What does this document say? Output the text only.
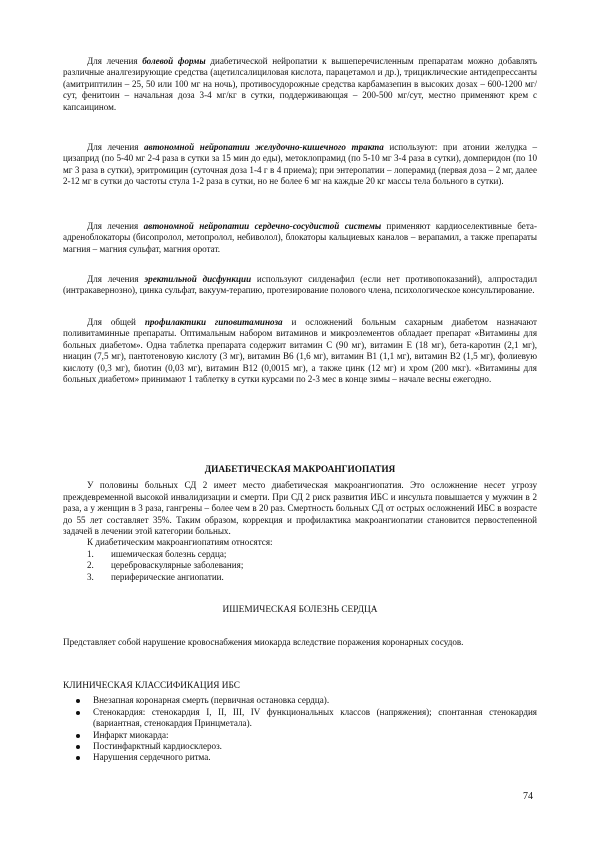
Для лечения болевой формы диабетической нейропатии к вышеперечисленным препаратам можно добавлять различные аналгезирующие средства (ацетилсалициловая кислота, парацетамол и др.), трициклические антидепрессанты (амитриптилин – 25, 50 или 100 мг на ночь), противосудорожные средства карбамазепин в высоких дозах – 600-1200 мг/сут, фенитоин – начальная доза 3-4 мг/кг в сутки, поддерживающая – 200-500 мг/сут, местно применяют крем с капсаицином.

Для лечения автономной нейропатии желудочно-кишечного тракта используют: при атонии желудка – цизаприд (по 5-40 мг 2-4 раза в сутки за 15 мин до еды), метоклопрамид (по 5-10 мг 3-4 раза в сутки), домперидон (по 10 мг 3 раза в сутки), эритромицин (суточная доза 1-4 г в 4 приема); при энтеропатии – лоперамид (первая доза – 2 мг, далее 2-12 мг в сутки до частоты стула 1-2 раза в сутки, но не более 6 мг на каждые 20 кг массы тела больного в сутки).

Для лечения автономной нейропатии сердечно-сосудистой системы применяют кардиоселективные бета-адреноблокаторы (бисопролол, метопролол, небиволол), блокаторы кальциевых каналов – верапамил, а также препараты магния – магния сульфат, магния оротат.

Для лечения эректильной дисфункции используют силденафил (если нет противопоказаний), алпростадил (интракавернозно), цинка сульфат, вакуум-терапию, протезирование полового члена, психологическое консультирование.

Для общей профилактики гиповитаминоза и осложнений больным сахарным диабетом назначают поливитаминные препараты. Оптимальным набором витаминов и микроэлементов обладает препарат «Витамины для больных диабетом». Одна таблетка препарата содержит витамин С (90 мг), витамин Е (18 мг), бета-каротин (2,1 мг), ниацин (7,5 мг), пантотеновую кислоту (3 мг), витамин В6 (1,6 мг), витамин В1 (1,1 мг), витамин В2 (1,5 мг), фолиевую кислоту (0,3 мг), биотин (0,03 мг), витамин В12 (0,0015 мг), а также цинк (12 мг) и хром (200 мкг). «Витамины для больных диабетом» принимают 1 таблетку в сутки курсами по 2-3 мес в конце зимы – начале весны ежегодно.

ДИАБЕТИЧЕСКАЯ МАКРОАНГИОПАТИЯ

У половины больных СД 2 имеет место диабетическая макроангиопатия. Это осложнение несет угрозу преждевременной высокой инвалидизации и смерти. При СД 2 риск развития ИБС и инсульта повышается у мужчин в 2 раза, а у женщин в 3 раза, гангрены – более чем в 20 раз. Смертность больных СД от острых осложнений ИБС в возрасте до 55 лет составляет 35%. Таким образом, коррекция и профилактика макроангиопатии становится первостепенной задачей в лечении этой категории больных.

К диабетическим макроангиопатиям относятся:

1. ишемическая болезнь сердца;
2. цереброваскулярные заболевания;
3. периферические ангиопатии.
ИШЕМИЧЕСКАЯ БОЛЕЗНЬ СЕРДЦА

Представляет собой нарушение кровоснабжения миокарда вследствие поражения коронарных сосудов.

КЛИНИЧЕСКАЯ КЛАССИФИКАЦИЯ ИБС
Внезапная коронарная смерть (первичная остановка сердца).
Стенокардия: стенокардия I, II, III, IV функциональных классов (напряжения); спонтанная стенокардия (вариантная, стенокардия Принцметала).
Инфаркт миокарда:
Постинфарктный кардиосклероз.
Нарушения сердечного ритма.
74
